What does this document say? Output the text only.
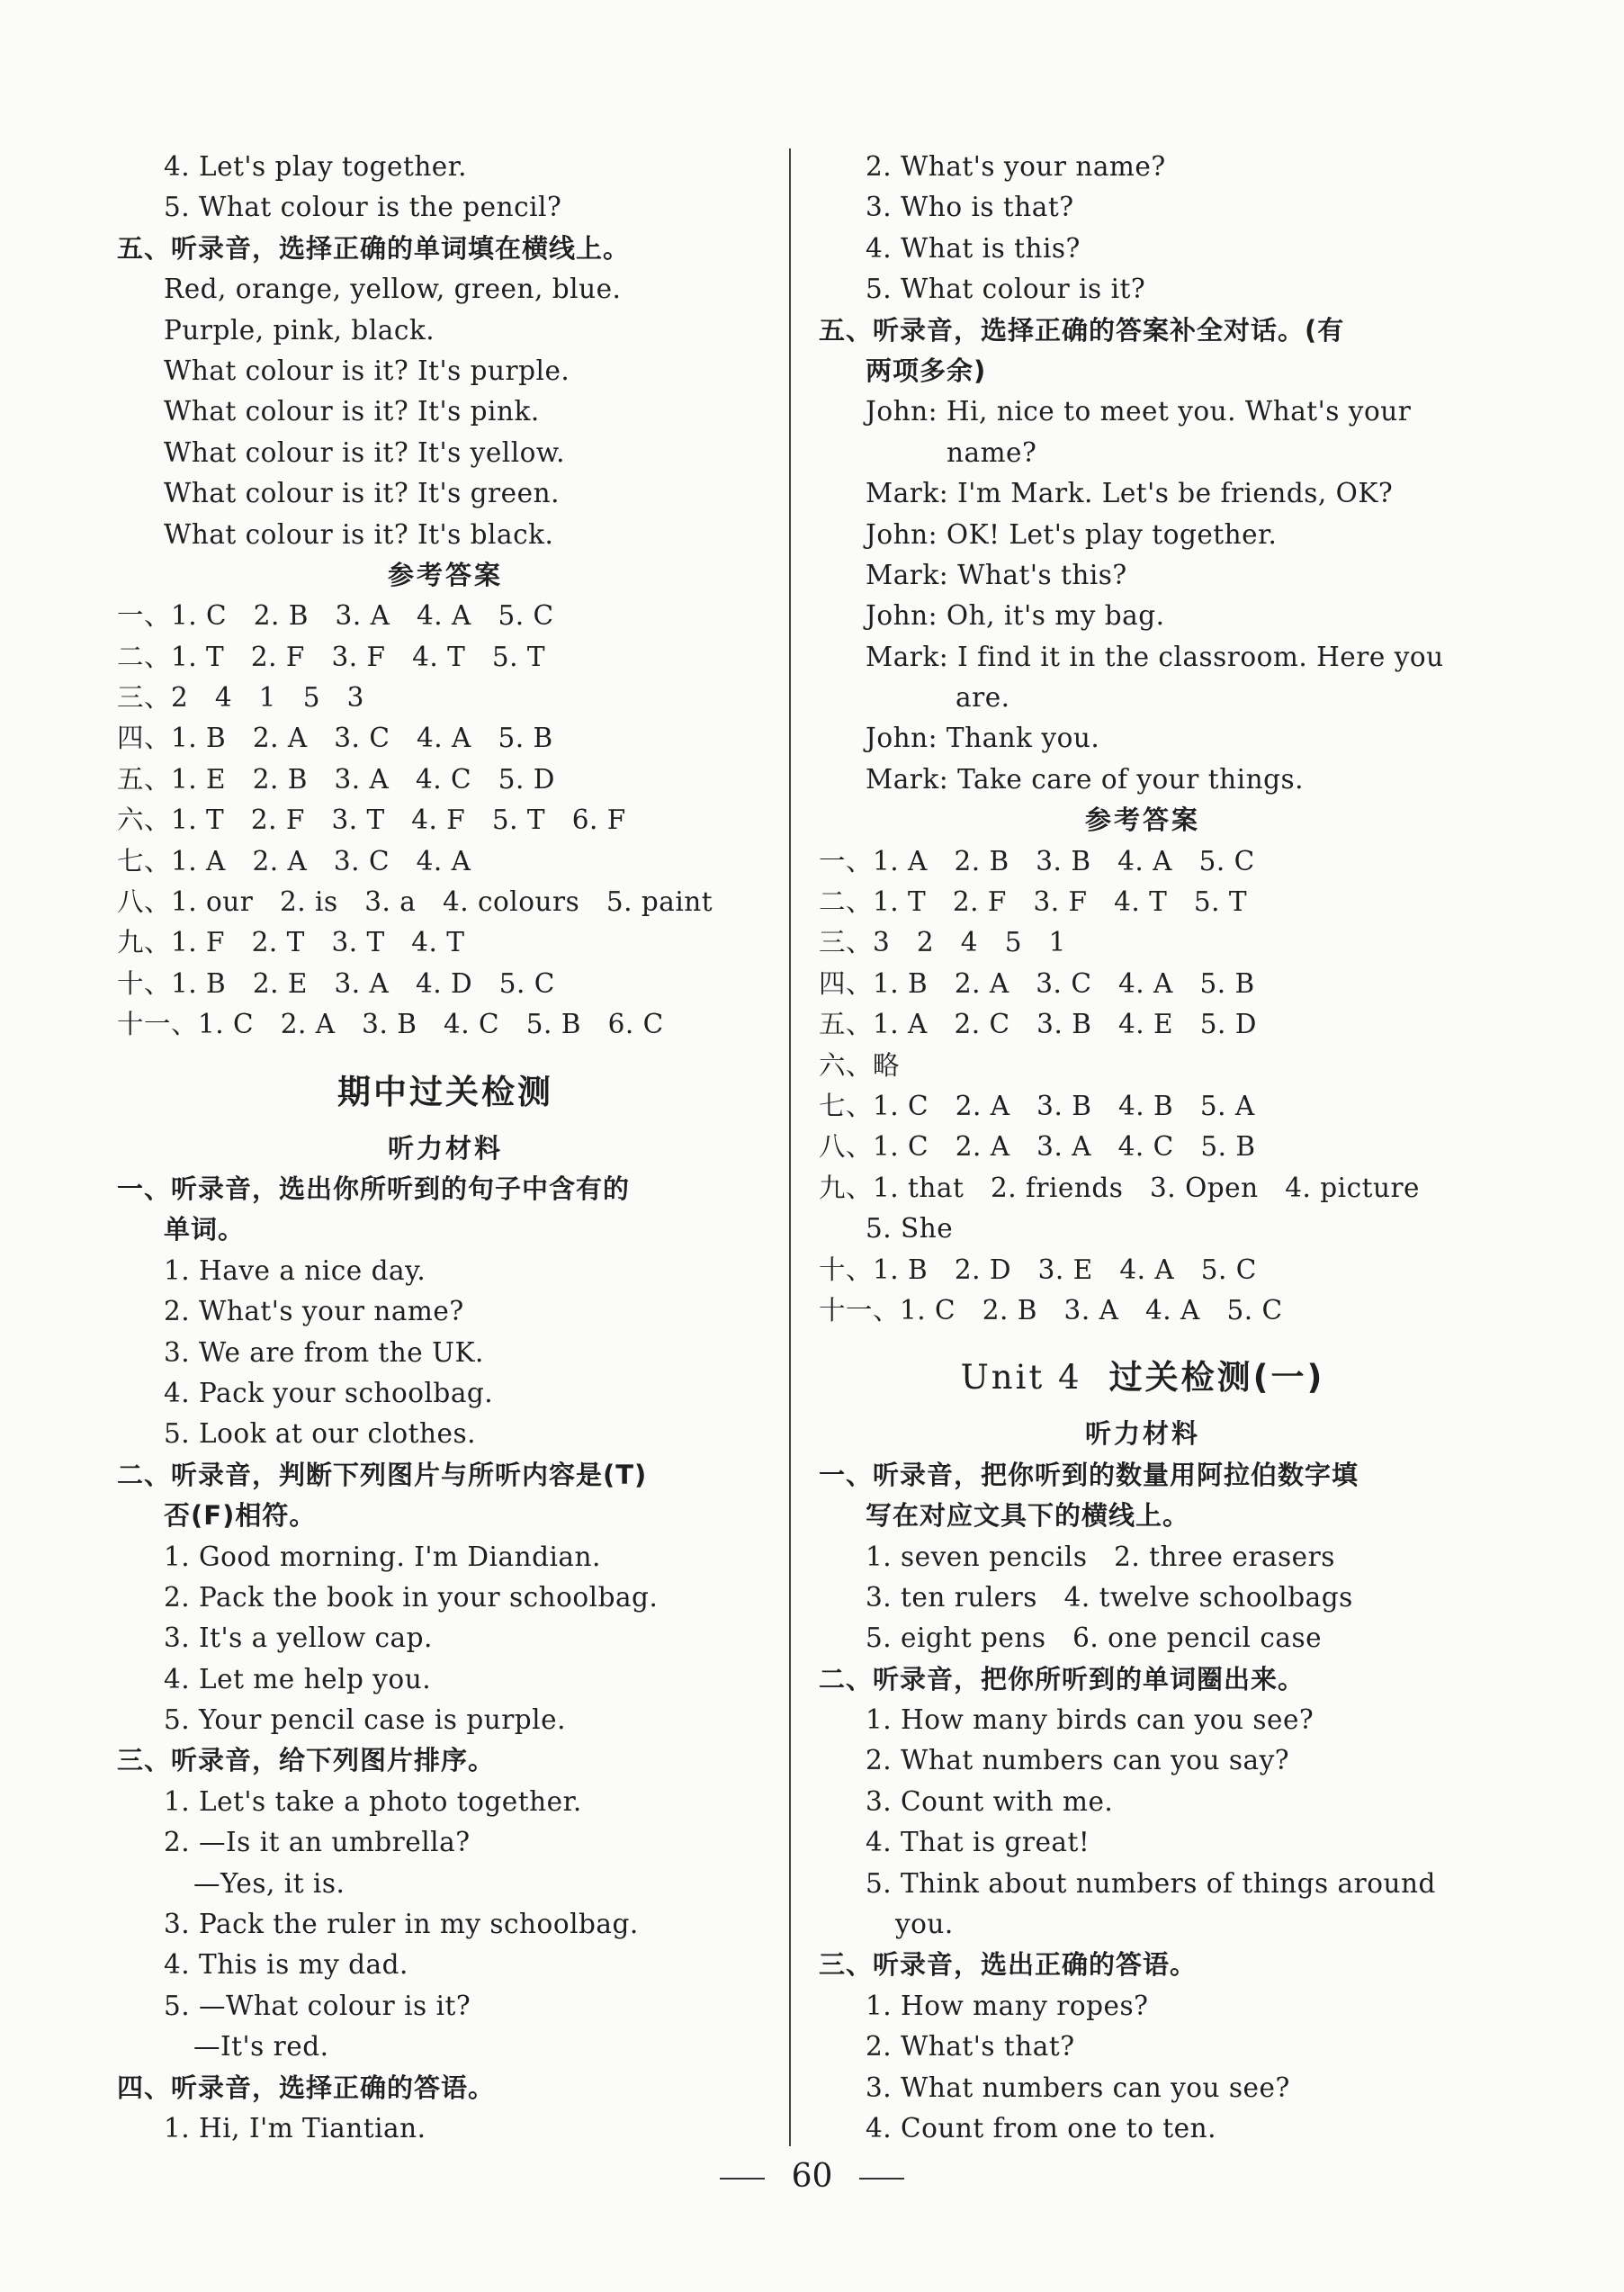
4. Let's play together.
5. What colour is the pencil?
五、听录音，选择正确的单词填在横线上。
Red, orange, yellow, green, blue.
Purple, pink, black.
What colour is it? It's purple.
What colour is it? It's pink.
What colour is it? It's yellow.
What colour is it? It's green.
What colour is it? It's black.
参考答案
一、1. C   2. B   3. A   4. A   5. C
二、1. T   2. F   3. F   4. T   5. T
三、2   4   1   5   3
四、1. B   2. A   3. C   4. A   5. B
五、1. E   2. B   3. A   4. C   5. D
六、1. T   2. F   3. T   4. F   5. T   6. F
七、1. A   2. A   3. C   4. A
八、1. our   2. is   3. a   4. colours   5. paint
九、1. F   2. T   3. T   4. T
十、1. B   2. E   3. A   4. D   5. C
十一、1. C   2. A   3. B   4. C   5. B   6. C
期中过关检测
听力材料
一、听录音，选出你所听到的句子中含有的
单词。
1. Have a nice day.
2. What's your name?
3. We are from the UK.
4. Pack your schoolbag.
5. Look at our clothes.
二、听录音，判断下列图片与所听内容是(T)
否(F)相符。
1. Good morning. I'm Diandian.
2. Pack the book in your schoolbag.
3. It's a yellow cap.
4. Let me help you.
5. Your pencil case is purple.
三、听录音，给下列图片排序。
1. Let's take a photo together.
2. —Is it an umbrella?
—Yes, it is.
3. Pack the ruler in my schoolbag.
4. This is my dad.
5. —What colour is it?
—It's red.
四、听录音，选择正确的答语。
1. Hi, I'm Tiantian.
2. What's your name?
3. Who is that?
4. What is this?
5. What colour is it?
五、听录音，选择正确的答案补全对话。(有
两项多余)
John: Hi, nice to meet you. What's your
name?
Mark: I'm Mark. Let's be friends, OK?
John: OK! Let's play together.
Mark: What's this?
John: Oh, it's my bag.
Mark: I find it in the classroom. Here you
are.
John: Thank you.
Mark: Take care of your things.
参考答案
一、1. A   2. B   3. B   4. A   5. C
二、1. T   2. F   3. F   4. T   5. T
三、3   2   4   5   1
四、1. B   2. A   3. C   4. A   5. B
五、1. A   2. C   3. B   4. E   5. D
六、略
七、1. C   2. A   3. B   4. B   5. A
八、1. C   2. A   3. A   4. C   5. B
九、1. that   2. friends   3. Open   4. picture
5. She
十、1. B   2. D   3. E   4. A   5. C
十一、1. C   2. B   3. A   4. A   5. C
Unit 4 过关检测(一)
听力材料
一、听录音，把你听到的数量用阿拉伯数字填
写在对应文具下的横线上。
1. seven pencils   2. three erasers
3. ten rulers   4. twelve schoolbags
5. eight pens   6. one pencil case
二、听录音，把你所听到的单词圈出来。
1. How many birds can you see?
2. What numbers can you say?
3. Count with me.
4. That is great!
5. Think about numbers of things around
you.
三、听录音，选出正确的答语。
1. How many ropes?
2. What's that?
3. What numbers can you see?
4. Count from one to ten.
60
